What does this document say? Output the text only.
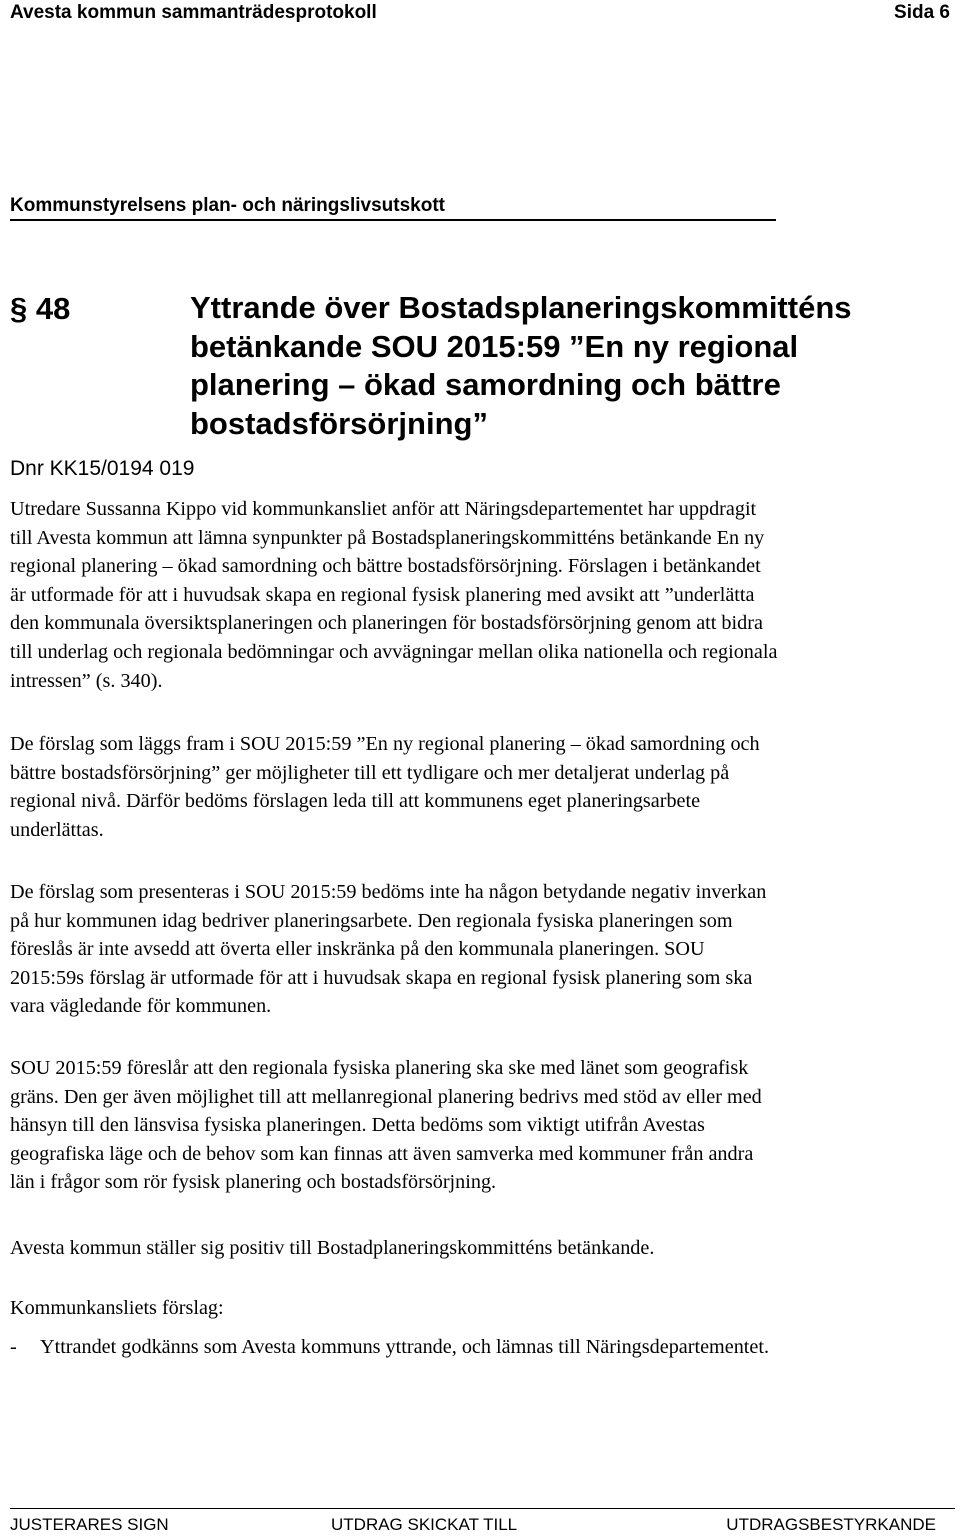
Avesta kommun sammanträdesprotokoll	Sida 6
Kommunstyrelsens plan- och näringslivsutskott
§ 48	Yttrande över Bostadsplaneringskommitténs
betänkande SOU 2015:59 ”En ny regional
planering – ökad samordning och bättre
bostadsförsörjning”
Dnr KK15/0194 019

Utredare Sussanna Kippo vid kommunkansliet anför att Näringsdepartementet har uppdragit
till Avesta kommun att lämna synpunkter på Bostadsplaneringskommitténs betänkande En ny
regional planering – ökad samordning och bättre bostadsförsörjning. Förslagen i betänkandet
är utformade för att i huvudsak skapa en regional fysisk planering med avsikt att ”underlätta
den kommunala översiktsplaneringen och planeringen för bostadsförsörjning genom att bidra
till underlag och regionala bedömningar och avvägningar mellan olika nationella och regionala
intressen” (s. 340).

De förslag som läggs fram i SOU 2015:59 ”En ny regional planering – ökad samordning och
bättre bostadsförsörjning” ger möjligheter till ett tydligare och mer detaljerat underlag på
regional nivå. Därför bedöms förslagen leda till att kommunens eget planeringsarbete
underlättas.

De förslag som presenteras i SOU 2015:59 bedöms inte ha någon betydande negativ inverkan
på hur kommunen idag bedriver planeringsarbete. Den regionala fysiska planeringen som
föreslås är inte avsedd att överta eller inskränka på den kommunala planeringen. SOU
2015:59s förslag är utformade för att i huvudsak skapa en regional fysisk planering som ska
vara vägledande för kommunen.

SOU 2015:59 föreslår att den regionala fysiska planering ska ske med länet som geografisk
gräns. Den ger även möjlighet till att mellanregional planering bedrivs med stöd av eller med
hänsyn till den länsvisa fysiska planeringen. Detta bedöms som viktigt utifrån Avestas
geografiska läge och de behov som kan finnas att även samverka med kommuner från andra
län i frågor som rör fysisk planering och bostadsförsörjning.

Avesta kommun ställer sig positiv till Bostadplaneringskommitténs betänkande.

Kommunkansliets förslag:

- Yttrandet godkänns som Avesta kommuns yttrande, och lämnas till Näringsdepartementet.
JUSTERARES SIGN	UTDRAG SKICKAT TILL	UTDRAGSBESTYRKANDE
